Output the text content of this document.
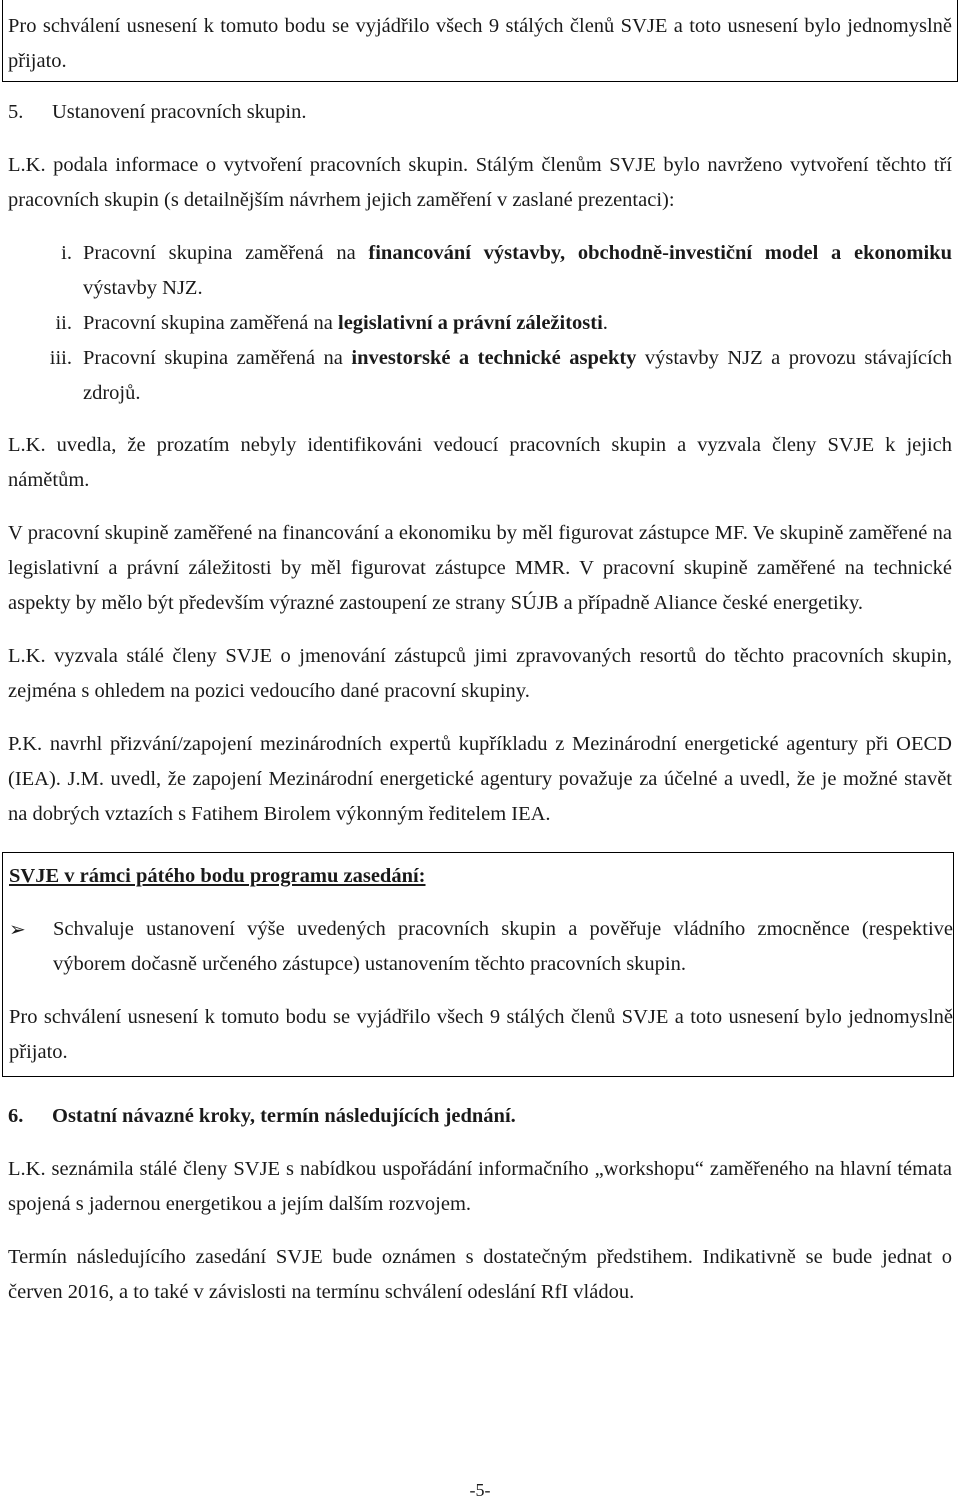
Pro schválení usnesení k tomuto bodu se vyjádřilo všech 9 stálých členů SVJE a toto usnesení bylo jednomyslně přijato.

5.	Ustanovení pracovních skupin.

L.K. podala informace o vytvoření pracovních skupin. Stálým členům SVJE bylo navrženo vytvoření těchto tří pracovních skupin (s detailnějším návrhem jejich zaměření v zaslané prezentaci):

i. Pracovní skupina zaměřená na financování výstavby, obchodně-investiční model a ekonomiku výstavby NJZ.
ii. Pracovní skupina zaměřená na legislativní a právní záležitosti.
iii. Pracovní skupina zaměřená na investorské a technické aspekty výstavby NJZ a provozu stávajících zdrojů.

L.K. uvedla, že prozatím nebyly identifikováni vedoucí pracovních skupin a vyzvala členy SVJE k jejich námětům.

V pracovní skupině zaměřené na financování a ekonomiku by měl figurovat zástupce MF. Ve skupině zaměřené na legislativní a právní záležitosti by měl figurovat zástupce MMR. V pracovní skupině zaměřené na technické aspekty by mělo být především výrazné zastoupení ze strany SÚJB a případně Aliance české energetiky.

L.K. vyzvala stálé členy SVJE o jmenování zástupců jimi zpravovaných resortů do těchto pracovních skupin, zejména s ohledem na pozici vedoucího dané pracovní skupiny.

P.K. navrhl přizvání/zapojení mezinárodních expertů kupříkladu z Mezinárodní energetické agentury při OECD (IEA). J.M. uvedl, že zapojení Mezinárodní energetické agentury považuje za účelné a uvedl, že je možné stavět na dobrých vztazích s Fatihem Birolem výkonným ředitelem IEA.

SVJE v rámci pátého bodu programu zasedání:

➢	Schvaluje ustanovení výše uvedených pracovních skupin a pověřuje vládního zmocněnce (respektive výborem dočasně určeného zástupce) ustanovením těchto pracovních skupin.

Pro schválení usnesení k tomuto bodu se vyjádřilo všech 9 stálých členů SVJE a toto usnesení bylo jednomyslně přijato.

6.	Ostatní návazné kroky, termín následujících jednání.

L.K. seznámila stálé členy SVJE s nabídkou uspořádání informačního „workshopu“ zaměřeného na hlavní témata spojená s jadernou energetikou a jejím dalším rozvojem.

Termín následujícího zasedání SVJE bude oznámen s dostatečným předstihem. Indikativně se bude jednat o červen 2016, a to také v závislosti na termínu schválení odeslání RfI vládou.

-5-
